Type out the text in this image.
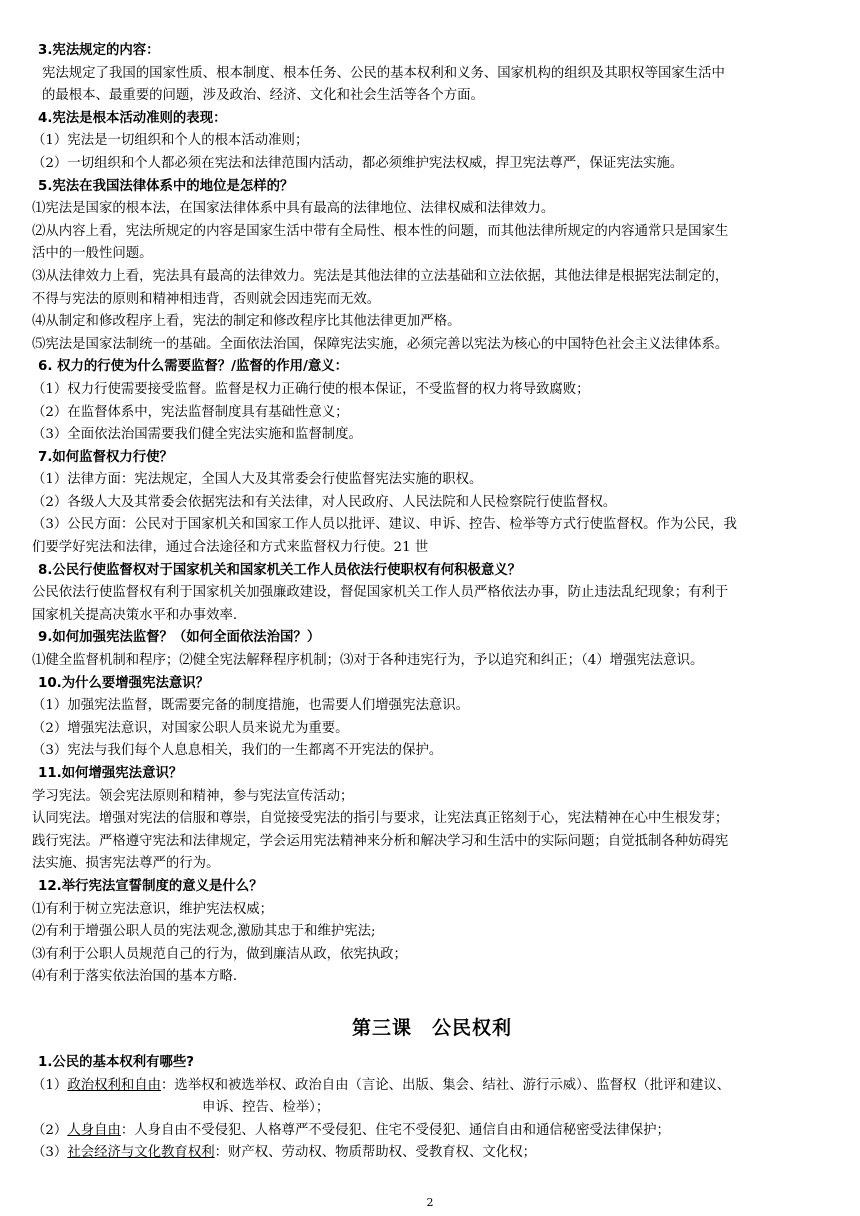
3.宪法规定的内容：
宪法规定了我国的国家性质、根本制度、根本任务、公民的基本权利和义务、国家机构的组织及其职权等国家生活中
的最根本、最重要的问题，涉及政治、经济、文化和社会生活等各个方面。
4.宪法是根本活动准则的表现：
（1）宪法是一切组织和个人的根本活动准则；
（2）一切组织和个人都必须在宪法和法律范围内活动，都必须维护宪法权威，捍卫宪法尊严，保证宪法实施。
5.宪法在我国法律体系中的地位是怎样的？
⑴宪法是国家的根本法，在国家法律体系中具有最高的法律地位、法律权威和法律效力。
⑵从内容上看，宪法所规定的内容是国家生活中带有全局性、根本性的问题，而其他法律所规定的内容通常只是国家生
活中的一般性问题。
⑶从法律效力上看，宪法具有最高的法律效力。宪法是其他法律的立法基础和立法依据，其他法律是根据宪法制定的，
不得与宪法的原则和精神相违背，否则就会因违宪而无效。
⑷从制定和修改程序上看，宪法的制定和修改程序比其他法律更加严格。
⑸宪法是国家法制统一的基础。全面依法治国，保障宪法实施，必须完善以宪法为核心的中国特色社会主义法律体系。
6. 权力的行使为什么需要监督？/监督的作用/意义：
（1）权力行使需要接受监督。监督是权力正确行使的根本保证，不受监督的权力将导致腐败；
（2）在监督体系中，宪法监督制度具有基础性意义；
（3）全面依法治国需要我们健全宪法实施和监督制度。
7.如何监督权力行使？
（1）法律方面：宪法规定，全国人大及其常委会行使监督宪法实施的职权。
（2）各级人大及其常委会依据宪法和有关法律，对人民政府、人民法院和人民检察院行使监督权。
（3）公民方面：公民对于国家机关和国家工作人员以批评、建议、申诉、控告、检举等方式行使监督权。作为公民，我
们要学好宪法和法律，通过合法途径和方式来监督权力行使。21 世
8.公民行使监督权对于国家机关和国家机关工作人员依法行使职权有何积极意义？
公民依法行使监督权有利于国家机关加强廉政建设，督促国家机关工作人员严格依法办事，防止违法乱纪现象；有利于
国家机关提高决策水平和办事效率.
9.如何加强宪法监督？（如何全面依法治国？）
⑴健全监督机制和程序；⑵健全宪法解释程序机制；⑶对于各种违宪行为，予以追究和纠正；（4）增强宪法意识。
10.为什么要增强宪法意识？
（1）加强宪法监督，既需要完备的制度措施，也需要人们增强宪法意识。
（2）增强宪法意识，对国家公职人员来说尤为重要。
（3）宪法与我们每个人息息相关，我们的一生都离不开宪法的保护。
11.如何增强宪法意识？
学习宪法。领会宪法原则和精神，参与宪法宣传活动；
认同宪法。增强对宪法的信服和尊崇，自觉接受宪法的指引与要求，让宪法真正铭刻于心，宪法精神在心中生根发芽；
践行宪法。严格遵守宪法和法律规定，学会运用宪法精神来分析和解决学习和生活中的实际问题；自觉抵制各种妨碍宪
法实施、损害宪法尊严的行为。
12.举行宪法宣誓制度的意义是什么？
⑴有利于树立宪法意识，维护宪法权威；
⑵有利于增强公职人员的宪法观念,激励其忠于和维护宪法;
⑶有利于公职人员规范自己的行为，做到廉洁从政，依宪执政；
⑷有利于落实依法治国的基本方略.
第三课　公民权利
1.公民的基本权利有哪些?
（1）政治权利和自由：选举权和被选举权、政治自由（言论、出版、集会、结社、游行示威）、监督权（批评和建议、
申诉、控告、检举）；
（2）人身自由：人身自由不受侵犯、人格尊严不受侵犯、住宅不受侵犯、通信自由和通信秘密受法律保护；
（3）社会经济与文化教育权利：财产权、劳动权、物质帮助权、受教育权、文化权；
2
